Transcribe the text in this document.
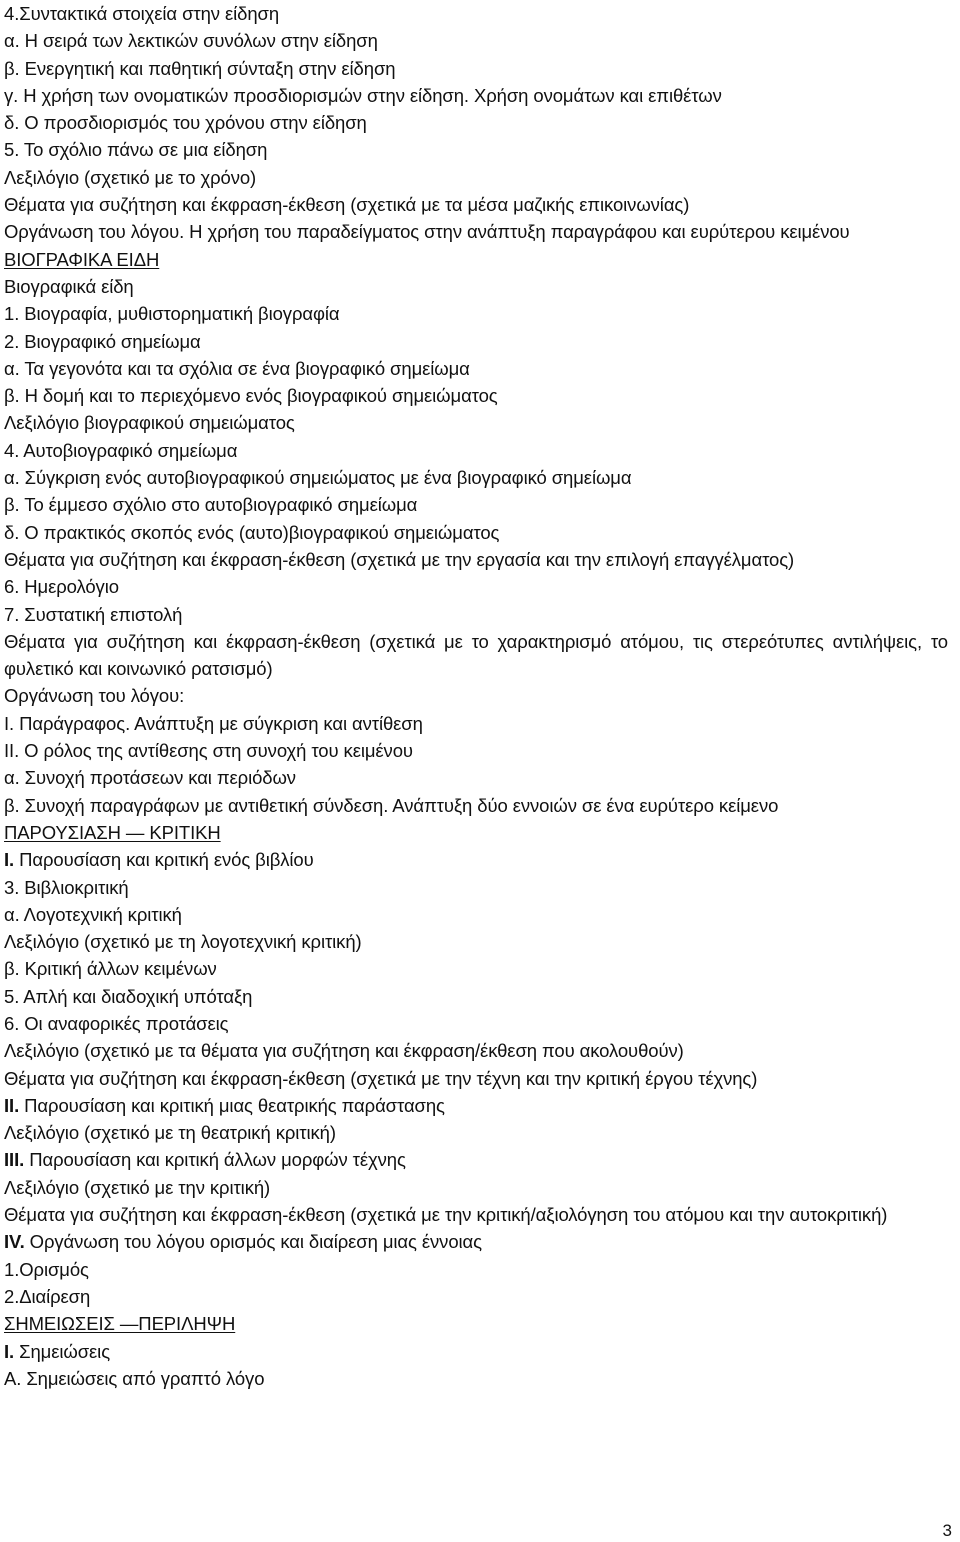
4.Συντακτικά στοιχεία στην είδηση
α. Η σειρά των λεκτικών συνόλων στην είδηση
β. Ενεργητική και παθητική σύνταξη στην είδηση
γ. Η χρήση των ονοματικών προσδιορισμών στην είδηση. Χρήση ονομάτων και επιθέτων
δ. Ο προσδιορισμός του χρόνου στην είδηση
5. Το σχόλιο πάνω σε μια είδηση
Λεξιλόγιο (σχετικό με το χρόνο)
Θέματα για συζήτηση και έκφραση-έκθεση (σχετικά με τα μέσα μαζικής επικοινωνίας)
Οργάνωση του λόγου. Η χρήση του παραδείγματος στην ανάπτυξη παραγράφου και ευρύτερου κειμένου
ΒΙΟΓΡΑΦΙΚΑ ΕΙΔΗ
Βιογραφικά είδη
1. Βιογραφία, μυθιστορηματική βιογραφία
2. Βιογραφικό σημείωμα
α. Τα γεγονότα και τα σχόλια σε ένα βιογραφικό σημείωμα
β. Η δομή και το περιεχόμενο ενός βιογραφικού σημειώματος
Λεξιλόγιο βιογραφικού σημειώματος
4. Αυτοβιογραφικό σημείωμα
α. Σύγκριση ενός αυτοβιογραφικού σημειώματος με ένα βιογραφικό σημείωμα
β. Το έμμεσο σχόλιο στο αυτοβιογραφικό σημείωμα
δ. Ο πρακτικός σκοπός ενός (αυτο)βιογραφικού σημειώματος
Θέματα για συζήτηση και έκφραση-έκθεση (σχετικά με την εργασία και την επιλογή επαγγέλματος)
6. Ημερολόγιο
7. Συστατική επιστολή
Θέματα για συζήτηση και έκφραση-έκθεση (σχετικά με το χαρακτηρισμό ατόμου, τις στερεότυπες αντιλήψεις, το φυλετικό και κοινωνικό ρατσισμό)
Οργάνωση του λόγου:
Ι. Παράγραφος. Ανάπτυξη με σύγκριση και αντίθεση
ΙΙ. Ο ρόλος της αντίθεσης στη συνοχή του κειμένου
α. Συνοχή προτάσεων και περιόδων
β. Συνοχή παραγράφων με αντιθετική σύνδεση. Ανάπτυξη δύο εννοιών σε ένα ευρύτερο κείμενο
ΠΑΡΟΥΣΙΑΣΗ — ΚΡΙΤΙΚΗ
Ι. Παρουσίαση και κριτική ενός βιβλίου
3. Βιβλιοκριτική
α. Λογοτεχνική κριτική
Λεξιλόγιο (σχετικό με τη λογοτεχνική κριτική)
β. Κριτική άλλων κειμένων
5. Απλή και διαδοχική υπόταξη
6. Οι αναφορικές προτάσεις
Λεξιλόγιο (σχετικό με τα θέματα για συζήτηση και έκφραση/έκθεση που ακολουθούν)
Θέματα για συζήτηση και έκφραση-έκθεση (σχετικά με την τέχνη και την κριτική έργου τέχνης)
ΙΙ. Παρουσίαση και κριτική μιας θεατρικής παράστασης
Λεξιλόγιο (σχετικό με τη θεατρική κριτική)
ΙΙΙ. Παρουσίαση και κριτική άλλων μορφών τέχνης
Λεξιλόγιο (σχετικό με την κριτική)
Θέματα για συζήτηση και έκφραση-έκθεση (σχετικά με την κριτική/αξιολόγηση του ατόμου και την αυτοκριτική)
ΙV. Οργάνωση του λόγου ορισμός και διαίρεση μιας έννοιας
1.Ορισμός
2.Διαίρεση
ΣΗΜΕΙΩΣΕΙΣ —ΠΕΡΙΛΗΨΗ
Ι. Σημειώσεις
Α. Σημειώσεις από γραπτό λόγο
3
